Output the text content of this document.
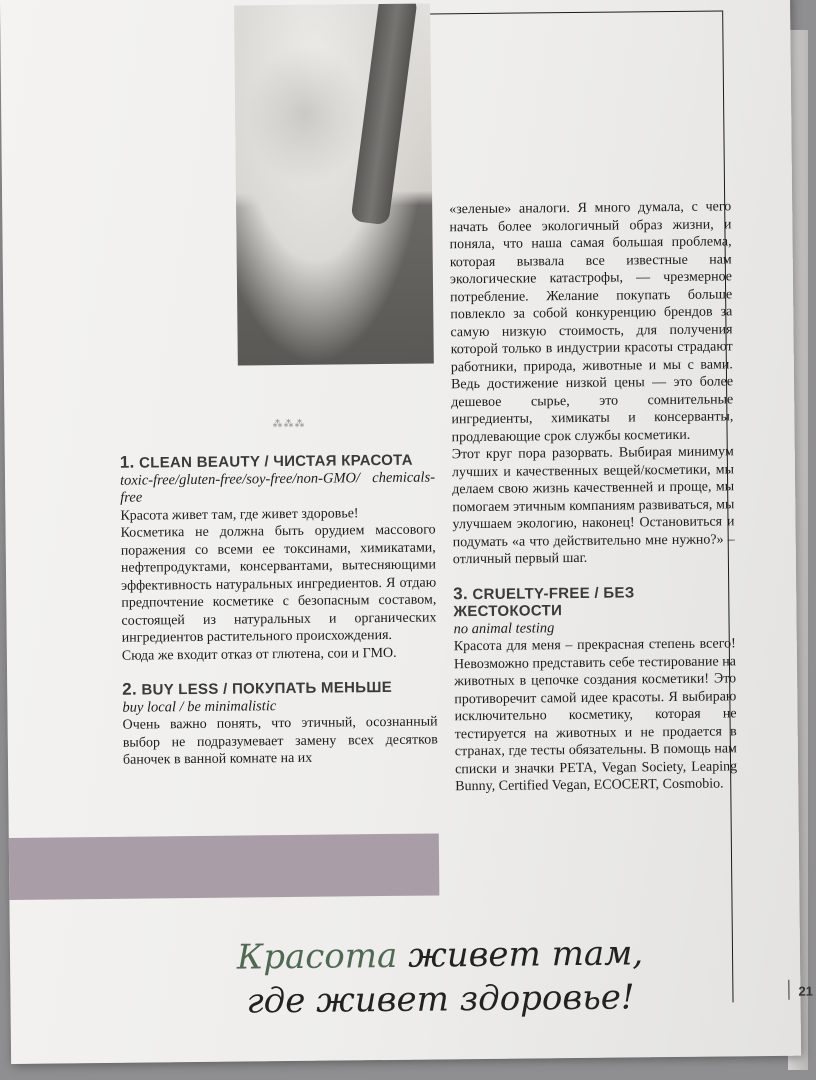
⁂⁂⁂
1. CLEAN BEAUTY / ЧИСТАЯ КРАСОТА

toxic-free/gluten-free/soy-free/non-GMO/ chemicals-free

Красота живет там, где живет здоровье!

Косметика не должна быть орудием массового поражения со всеми ее токсинами, химикатами, нефтепродуктами, консервантами, вытесняющими эффективность натуральных ингредиентов. Я отдаю предпочтение косметике с безопасным составом, состоящей из натуральных и органических ингредиентов растительного происхождения.

Сюда же входит отказ от глютена, сои и ГМО.

2. BUY LESS / ПОКУПАТЬ МЕНЬШЕ

buy local / be minimalistic

Очень важно понять, что этичный, осознанный выбор не подразумевает замену всех десятков баночек в ванной комнате на их

«зеленые» аналоги. Я много думала, с чего начать более экологичный образ жизни, и поняла, что наша самая большая проблема, которая вызвала все известные нам экологические катастрофы, — чрезмерное потребление. Желание покупать больше повлекло за собой конкуренцию брендов за самую низкую стоимость, для получения которой только в индустрии красоты страдают работники, природа, животные и мы с вами. Ведь достижение низкой цены — это более дешевое сырье, это сомнительные ингредиенты, химикаты и консерванты, продлевающие срок службы косметики.

Этот круг пора разорвать. Выбирая минимум лучших и качественных вещей/косметики, мы делаем свою жизнь качественней и проще, мы помогаем этичным компаниям развиваться, мы улучшаем экологию, наконец! Остановиться и подумать «а что действительно мне нужно?» – отличный первый шаг.

3. CRUELTY-FREE / БЕЗ ЖЕСТОКОСТИ

no animal testing

Красота для меня – прекрасная степень всего! Невозможно представить себе тестирование на животных в цепочке создания косметики! Это противоречит самой идее красоты. Я выбираю исключительно косметику, которая не тестируется на животных и не продается в странах, где тесты обязательны. В помощь нам списки и значки PETA, Vegan Society, Leaping Bunny, Certified Vegan, ECOCERT, Cosmobio.

Красота живет там,
где живет здоровье!	21
